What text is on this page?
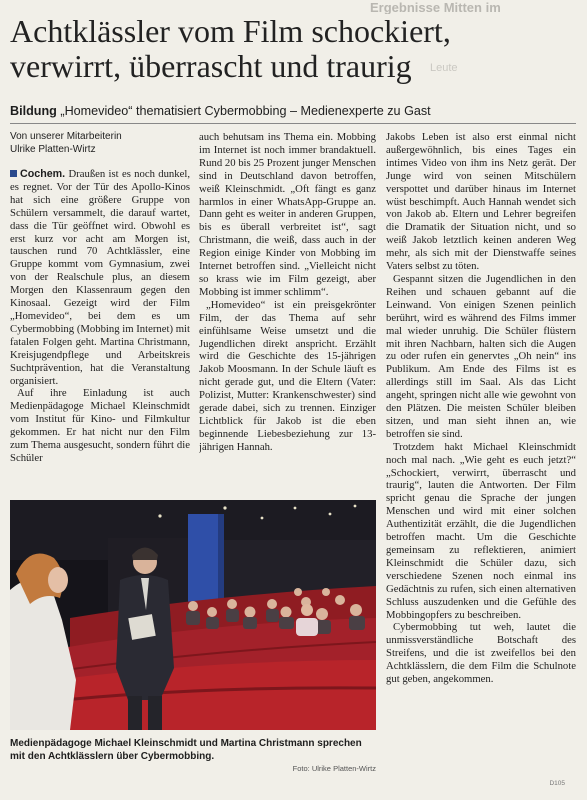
Ergebnisse Mitten im
Leute
Achtklässler vom Film schockiert, verwirrt, überrascht und traurig
Bildung „Homevideo“ thematisiert Cybermobbing – Medienexperte zu Gast
Von unserer Mitarbeiterin
Ulrike Platten-Wirtz

Cochem. Draußen ist es noch dunkel, es regnet. Vor der Tür des Apollo-Kinos hat sich eine größere Gruppe von Schülern versammelt, die darauf wartet, dass die Tür geöffnet wird. Obwohl es erst kurz vor acht am Morgen ist, tauschen rund 70 Achtklässler, eine Gruppe kommt vom Gymnasium, zwei von der Realschule plus, an diesem Morgen den Klassenraum gegen den Kinosaal. Gezeigt wird der Film „Homevideo“, bei dem es um Cybermobbing (Mobbing im Internet) mit fatalen Folgen geht. Martina Christmann, Kreisjugendpflege und Arbeitskreis Suchtprävention, hat die Veranstaltung organisiert.

Auf ihre Einladung ist auch Medienpädagoge Michael Kleinschmidt vom Institut für Kino- und Filmkultur gekommen. Er hat nicht nur den Film zum Thema ausgesucht, sondern führt die Schüler

auch behutsam ins Thema ein. Mobbing im Internet ist noch immer brandaktuell. Rund 20 bis 25 Prozent junger Menschen sind in Deutschland davon betroffen, weiß Kleinschmidt. „Oft fängt es ganz harmlos in einer WhatsApp-Gruppe an. Dann geht es weiter in anderen Gruppen, bis es überall verbreitet ist“, sagt Christmann, die weiß, dass auch in der Region einige Kinder von Mobbing im Internet betroffen sind. „Vielleicht nicht so krass wie im Film gezeigt, aber Mobbing ist immer schlimm“.

„Homevideo“ ist ein preisgekrönter Film, der das Thema auf sehr einfühlsame Weise umsetzt und die Jugendlichen direkt anspricht. Erzählt wird die Geschichte des 15-jährigen Jakob Moosmann. In der Schule läuft es nicht gerade gut, und die Eltern (Vater: Polizist, Mutter: Krankenschwester) sind gerade dabei, sich zu trennen. Einziger Lichtblick für Jakob ist die eben beginnende Liebesbeziehung zur 13-jährigen Hannah.

Jakobs Leben ist also erst einmal nicht außergewöhnlich, bis eines Tages ein intimes Video von ihm ins Netz gerät. Der Junge wird von seinen Mitschülern verspottet und darüber hinaus im Internet wüst beschimpft. Auch Hannah wendet sich von Jakob ab. Eltern und Lehrer begreifen die Dramatik der Situation nicht, und so weiß Jakob letztlich keinen anderen Weg mehr, als sich mit der Dienstwaffe seines Vaters selbst zu töten.

Gespannt sitzen die Jugendlichen in den Reihen und schauen gebannt auf die Leinwand. Von einigen Szenen peinlich berührt, wird es während des Films immer mal wieder unruhig. Die Schüler flüstern mit ihren Nachbarn, halten sich die Augen zu oder rufen ein genervtes „Oh nein“ ins Publikum. Am Ende des Films ist es allerdings still im Saal. Als das Licht angeht, springen nicht alle wie gewohnt von den Plätzen. Die meisten Schüler bleiben sitzen, und man sieht ihnen an, wie betroffen sie sind.

Trotzdem hakt Michael Kleinschmidt noch mal nach. „Wie geht es euch jetzt?“ „Schockiert, verwirrt, überrascht und traurig“, lauten die Antworten. Der Film spricht genau die Sprache der jungen Menschen und wird mit einer solchen Authentizität erzählt, die die Jugendlichen betroffen macht. Um die Geschichte gemeinsam zu reflektieren, animiert Kleinschmidt die Schüler dazu, sich verschiedene Szenen noch einmal ins Gedächtnis zu rufen, sich einen alternativen Schluss auszudenken und die Gefühle des Mobbingopfers zu beschreiben.

Cybermobbing tut weh, lautet die unmissverständliche Botschaft des Streifens, und die ist zweifellos bei den Achtklässlern, die dem Film die Schulnote gut geben, angekommen.

Medienpädagoge Michael Kleinschmidt und Martina Christmann sprechen mit den Achtklässlern über Cybermobbing.
Foto: Ulrike Platten-Wirtz
D105
